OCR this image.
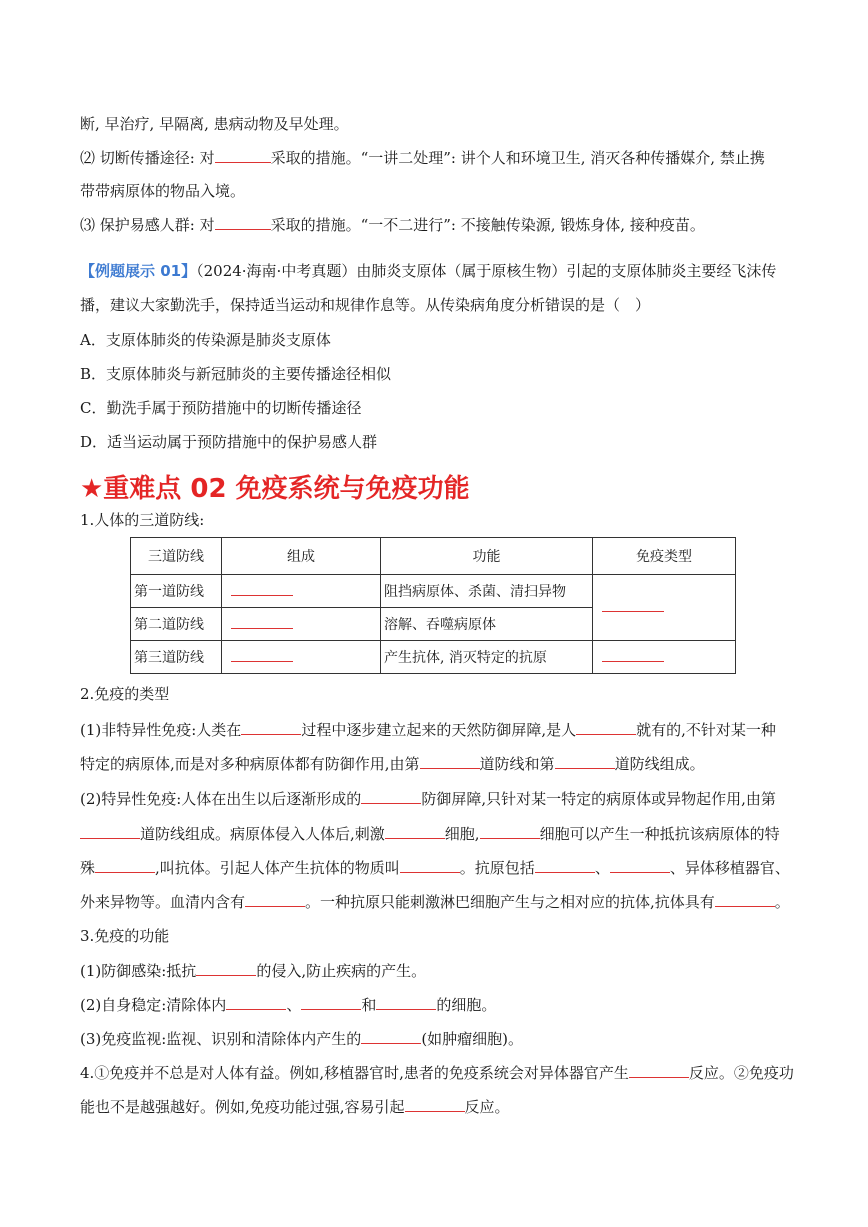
断, 早治疗, 早隔离, 患病动物及早处理。
⑵ 切断传播途径: 对	采取的措施。“一讲二处理”: 讲个人和环境卫生, 消灭各种传播媒介, 禁止携
带带病原体的物品入境。
⑶ 保护易感人群: 对	采取的措施。“一不二进行”: 不接触传染源, 锻炼身体, 接种疫苗。
【例题展示 01】（2024·海南·中考真题）由肺炎支原体（属于原核生物）引起的支原体肺炎主要经飞沫传
播，建议大家勤洗手，保持适当运动和规律作息等。从传染病角度分析错误的是（　）
A．支原体肺炎的传染源是肺炎支原体
B．支原体肺炎与新冠肺炎的主要传播途径相似
C．勤洗手属于预防措施中的切断传播途径
D．适当运动属于预防措施中的保护易感人群
★重难点 02 免疫系统与免疫功能
1.人体的三道防线:
三道防线	组成	功能	免疫类型
第一道防线		阻挡病原体、杀菌、清扫异物	
第二道防线		溶解、吞噬病原体	
第三道防线		产生抗体, 消灭特定的抗原	
2.免疫的类型
(1)非特异性免疫:人类在	过程中逐步建立起来的天然防御屏障,是人	就有的,不针对某一种
特定的病原体,而是对多种病原体都有防御作用,由第	道防线和第	道防线组成。
(2)特异性免疫:人体在出生以后逐渐形成的	防御屏障,只针对某一特定的病原体或异物起作用,由第
道防线组成。病原体侵入人体后,刺激	细胞,	细胞可以产生一种抵抗该病原体的特
殊	,叫抗体。引起人体产生抗体的物质叫	。抗原包括	、	、异体移植器官、
外来异物等。血清内含有	。一种抗原只能刺激淋巴细胞产生与之相对应的抗体,抗体具有	。
3.免疫的功能
(1)防御感染:抵抗	的侵入,防止疾病的产生。
(2)自身稳定:清除体内	、	和	的细胞。
(3)免疫监视:监视、识别和清除体内产生的	(如肿瘤细胞)。
4.①免疫并不总是对人体有益。例如,移植器官时,患者的免疫系统会对异体器官产生	反应。②免疫功
能也不是越强越好。例如,免疫功能过强,容易引起	反应。
